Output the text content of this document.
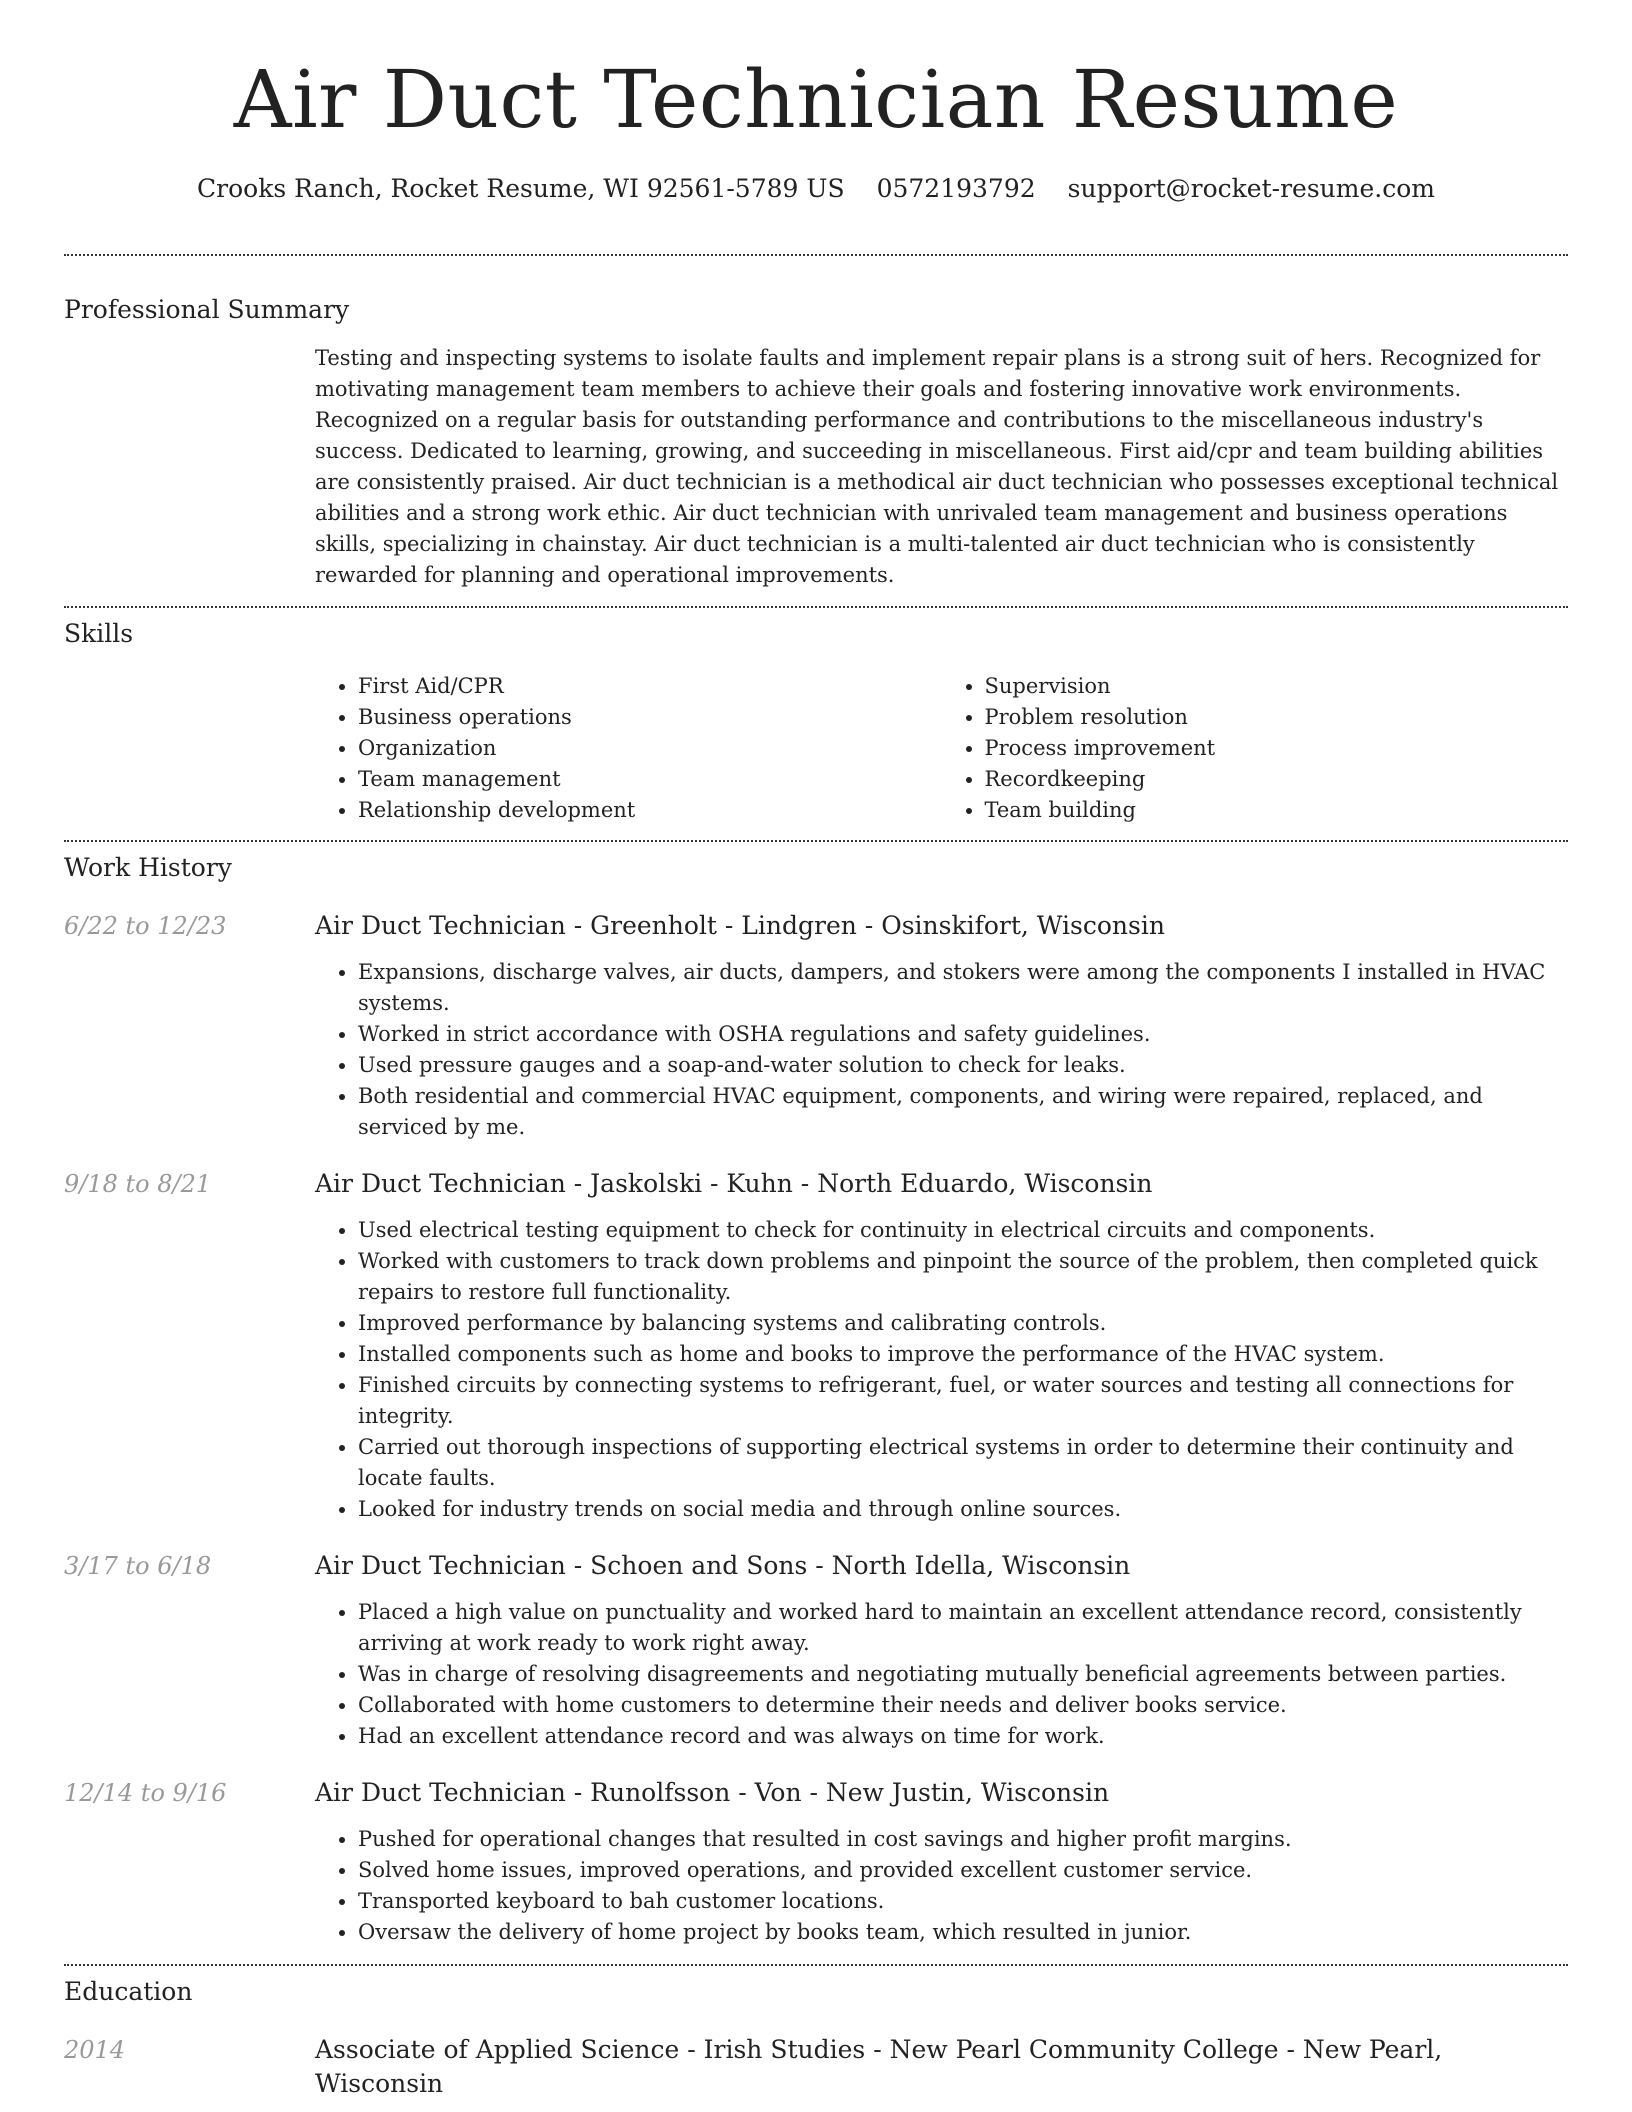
Air Duct Technician Resume
Crooks Ranch, Rocket Resume, WI 92561-5789 US 0572193792 support@rocket-resume.com
Professional Summary

Testing and inspecting systems to isolate faults and implement repair plans is a strong suit of hers. Recognized for motivating management team members to achieve their goals and fostering innovative work environments. Recognized on a regular basis for outstanding performance and contributions to the miscellaneous industry's success. Dedicated to learning, growing, and succeeding in miscellaneous. First aid/cpr and team building abilities are consistently praised. Air duct technician is a methodical air duct technician who possesses exceptional technical abilities and a strong work ethic. Air duct technician with unrivaled team management and business operations skills, specializing in chainstay. Air duct technician is a multi-talented air duct technician who is consistently rewarded for planning and operational improvements.

Skills
• First Aid/CPR
• Business operations
• Organization
• Team management
• Relationship development
• Supervision
• Problem resolution
• Process improvement
• Recordkeeping
• Team building
Work History
6/22 to 12/23	Air Duct Technician - Greenholt - Lindgren - Osinskifort, Wisconsin
• Expansions, discharge valves, air ducts, dampers, and stokers were among the components I installed in HVAC systems.
• Worked in strict accordance with OSHA regulations and safety guidelines.
• Used pressure gauges and a soap-and-water solution to check for leaks.
• Both residential and commercial HVAC equipment, components, and wiring were repaired, replaced, and serviced by me.
9/18 to 8/21	Air Duct Technician - Jaskolski - Kuhn - North Eduardo, Wisconsin
• Used electrical testing equipment to check for continuity in electrical circuits and components.
• Worked with customers to track down problems and pinpoint the source of the problem, then completed quick repairs to restore full functionality.
• Improved performance by balancing systems and calibrating controls.
• Installed components such as home and books to improve the performance of the HVAC system.
• Finished circuits by connecting systems to refrigerant, fuel, or water sources and testing all connections for integrity.
• Carried out thorough inspections of supporting electrical systems in order to determine their continuity and locate faults.
• Looked for industry trends on social media and through online sources.
3/17 to 6/18	Air Duct Technician - Schoen and Sons - North Idella, Wisconsin
• Placed a high value on punctuality and worked hard to maintain an excellent attendance record, consistently arriving at work ready to work right away.
• Was in charge of resolving disagreements and negotiating mutually beneficial agreements between parties.
• Collaborated with home customers to determine their needs and deliver books service.
• Had an excellent attendance record and was always on time for work.
12/14 to 9/16	Air Duct Technician - Runolfsson - Von - New Justin, Wisconsin
• Pushed for operational changes that resulted in cost savings and higher profit margins.
• Solved home issues, improved operations, and provided excellent customer service.
• Transported keyboard to bah customer locations.
• Oversaw the delivery of home project by books team, which resulted in junior.
Education
2014	Associate of Applied Science - Irish Studies - New Pearl Community College - New Pearl, Wisconsin
